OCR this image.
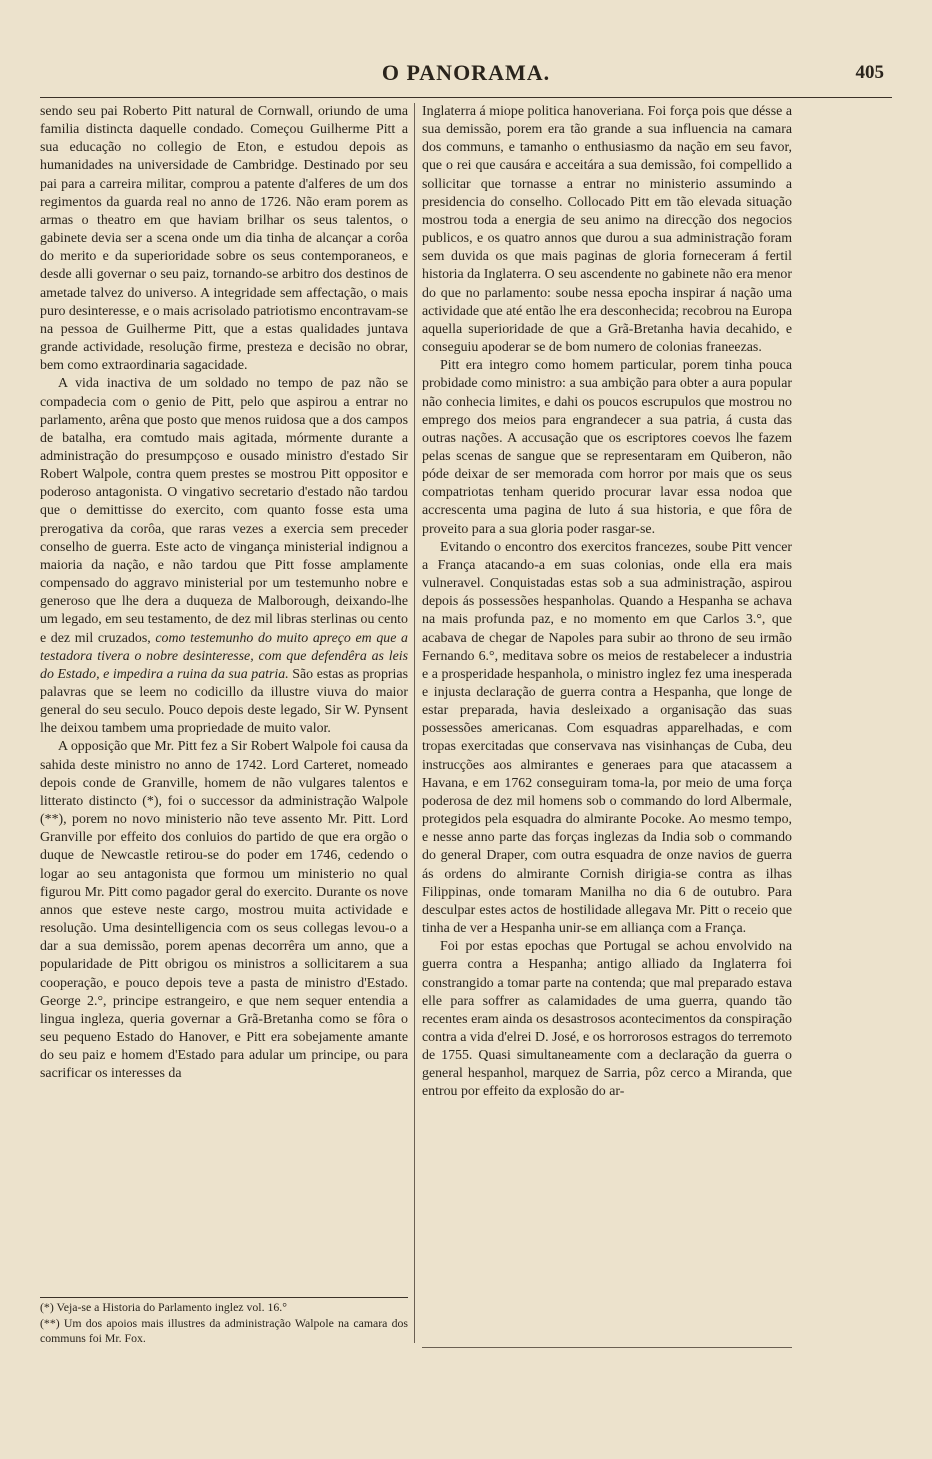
O PANORAMA.	405

sendo seu pai Roberto Pitt natural de Cornwall, oriundo de uma familia distincta daquelle condado. Começou Guilherme Pitt a sua educação no collegio de Eton, e estudou depois as humanidades na universidade de Cambridge. Destinado por seu pai para a carreira militar, comprou a patente d'alferes de um dos regimentos da guarda real no anno de 1726. Não eram porem as armas o theatro em que haviam brilhar os seus talentos, o gabinete devia ser a scena onde um dia tinha de alcançar a corôa do merito e da superioridade sobre os seus contemporaneos, e desde alli governar o seu paiz, tornando-se arbitro dos destinos de ametade talvez do universo. A integridade sem affectação, o mais puro desinteresse, e o mais acrisolado patriotismo encontravam-se na pessoa de Guilherme Pitt, que a estas qualidades juntava grande actividade, resolução firme, presteza e decisão no obrar, bem como extraordinaria sagacidade.

A vida inactiva de um soldado no tempo de paz não se compadecia com o genio de Pitt, pelo que aspirou a entrar no parlamento, arêna que posto que menos ruidosa que a dos campos de batalha, era comtudo mais agitada, mórmente durante a administração do presumpçoso e ousado ministro d'estado Sir Robert Walpole, contra quem prestes se mostrou Pitt oppositor e poderoso antagonista. O vingativo secretario d'estado não tardou que o demittisse do exercito, com quanto fosse esta uma prerogativa da corôa, que raras vezes a exercia sem preceder conselho de guerra. Este acto de vingança ministerial indignou a maioria da nação, e não tardou que Pitt fosse amplamente compensado do aggravo ministerial por um testemunho nobre e generoso que lhe dera a duqueza de Malborough, deixando-lhe um legado, em seu testamento, de dez mil libras sterlinas ou cento e dez mil cruzados, como testemunho do muito apreço em que a testadora tivera o nobre desinteresse, com que defendêra as leis do Estado, e impedira a ruina da sua patria. São estas as proprias palavras que se leem no codicillo da illustre viuva do maior general do seu seculo. Pouco depois deste legado, Sir W. Pynsent lhe deixou tambem uma propriedade de muito valor.

A opposição que Mr. Pitt fez a Sir Robert Walpole foi causa da sahida deste ministro no anno de 1742. Lord Carteret, nomeado depois conde de Granville, homem de não vulgares talentos e litterato distincto (*), foi o successor da administração Walpole (**), porem no novo ministerio não teve assento Mr. Pitt. Lord Granville por effeito dos conluios do partido de que era orgão o duque de Newcastle retirou-se do poder em 1746, cedendo o logar ao seu antagonista que formou um ministerio no qual figurou Mr. Pitt como pagador geral do exercito. Durante os nove annos que esteve neste cargo, mostrou muita actividade e resolução. Uma desintelligencia com os seus collegas levou-o a dar a sua demissão, porem apenas decorrêra um anno, que a popularidade de Pitt obrigou os ministros a sollicitarem a sua cooperação, e pouco depois teve a pasta de ministro d'Estado. George 2.°, principe estrangeiro, e que nem sequer entendia a lingua ingleza, queria governar a Grã-Bretanha como se fôra o seu pequeno Estado do Hanover, e Pitt era sobejamente amante do seu paiz e homem d'Estado para adular um principe, ou para sacrificar os interesses da

(*) Veja-se a Historia do Parlamento inglez vol. 16.°

(**) Um dos apoios mais illustres da administração Walpole na camara dos communs foi Mr. Fox.

Inglaterra á miope politica hanoveriana. Foi força pois que désse a sua demissão, porem era tão grande a sua influencia na camara dos communs, e tamanho o enthusiasmo da nação em seu favor, que o rei que causára e acceitára a sua demissão, foi compellido a sollicitar que tornasse a entrar no ministerio assumindo a presidencia do conselho. Collocado Pitt em tão elevada situação mostrou toda a energia de seu animo na direcção dos negocios publicos, e os quatro annos que durou a sua administração foram sem duvida os que mais paginas de gloria forneceram á fertil historia da Inglaterra. O seu ascendente no gabinete não era menor do que no parlamento: soube nessa epocha inspirar á nação uma actividade que até então lhe era desconhecida; recobrou na Europa aquella superioridade de que a Grã-Bretanha havia decahido, e conseguiu apoderar se de bom numero de colonias franeezas.

Pitt era integro como homem particular, porem tinha pouca probidade como ministro: a sua ambição para obter a aura popular não conhecia limites, e dahi os poucos escrupulos que mostrou no emprego dos meios para engrandecer a sua patria, á custa das outras nações. A accusação que os escriptores coevos lhe fazem pelas scenas de sangue que se representaram em Quiberon, não póde deixar de ser memorada com horror por mais que os seus compatriotas tenham querido procurar lavar essa nodoa que accrescenta uma pagina de luto á sua historia, e que fôra de proveito para a sua gloria poder rasgar-se.

Evitando o encontro dos exercitos francezes, soube Pitt vencer a França atacando-a em suas colonias, onde ella era mais vulneravel. Conquistadas estas sob a sua administração, aspirou depois ás possessões hespanholas. Quando a Hespanha se achava na mais profunda paz, e no momento em que Carlos 3.°, que acabava de chegar de Napoles para subir ao throno de seu irmão Fernando 6.°, meditava sobre os meios de restabelecer a industria e a prosperidade hespanhola, o ministro inglez fez uma inesperada e injusta declaração de guerra contra a Hespanha, que longe de estar preparada, havia desleixado a organisação das suas possessões americanas. Com esquadras apparelhadas, e com tropas exercitadas que conservava nas visinhanças de Cuba, deu instrucções aos almirantes e generaes para que atacassem a Havana, e em 1762 conseguiram toma-la, por meio de uma força poderosa de dez mil homens sob o commando do lord Albermale, protegidos pela esquadra do almirante Pocoke. Ao mesmo tempo, e nesse anno parte das forças inglezas da India sob o commando do general Draper, com outra esquadra de onze navios de guerra ás ordens do almirante Cornish dirigia-se contra as ilhas Filippinas, onde tomaram Manilha no dia 6 de outubro. Para desculpar estes actos de hostilidade allegava Mr. Pitt o receio que tinha de ver a Hespanha unir-se em alliança com a França.

Foi por estas epochas que Portugal se achou envolvido na guerra contra a Hespanha; antigo alliado da Inglaterra foi constrangido a tomar parte na contenda; que mal preparado estava elle para soffrer as calamidades de uma guerra, quando tão recentes eram ainda os desastrosos acontecimentos da conspiração contra a vida d'elrei D. José, e os horrorosos estragos do terremoto de 1755. Quasi simultaneamente com a declaração da guerra o general hespanhol, marquez de Sarria, pôz cerco a Miranda, que entrou por effeito da explosão do ar-
